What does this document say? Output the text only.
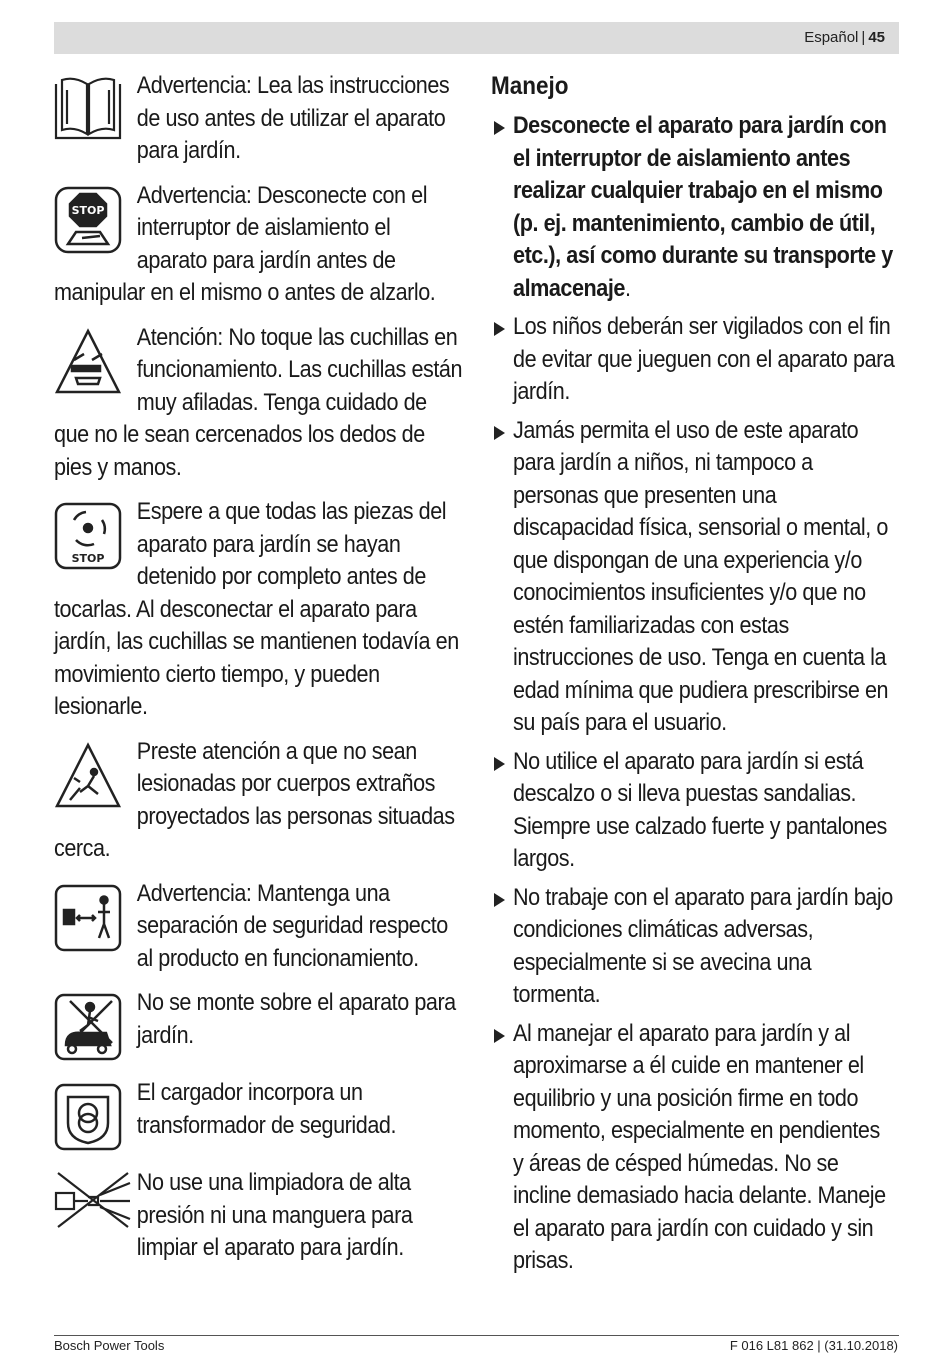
Español | 45
Advertencia: Lea las instrucciones de uso antes de utilizar el aparato para jardín.
STOP
Advertencia: Desconecte con el interruptor de aislamiento el aparato para jardín antes de manipular en el mismo o antes de alzarlo.
Atención: No toque las cuchillas en funcionamiento. Las cuchillas están muy afiladas. Tenga cuidado de que no le sean cercenados los dedos de pies y manos.
STOP
Espere a que todas las piezas del aparato para jardín se hayan detenido por completo antes de tocarlas. Al desconectar el aparato para jardín, las cuchillas se mantienen todavía en movimiento cierto tiempo, y pueden lesionarle.
Preste atención a que no sean lesionadas por cuerpos extraños proyectados las personas situadas cerca.
Advertencia: Mantenga una separación de seguridad respecto al producto en funcionamiento.
No se monte sobre el aparato para jardín.
El cargador incorpora un transformador de seguridad.
No use una limpiadora de alta presión ni una manguera para limpiar el aparato para jardín.
Manejo
Desconecte el aparato para jardín con el interruptor de aislamiento antes realizar cualquier trabajo en el mismo (p. ej. mantenimiento, cambio de útil, etc.), así como durante su transporte y almacenaje.
Los niños deberán ser vigilados con el fin de evitar que jueguen con el aparato para jardín.
Jamás permita el uso de este aparato para jardín a niños, ni tampoco a personas que presenten una discapacidad física, sensorial o mental, o que dispongan de una experiencia y/o conocimientos insuficientes y/o que no estén familiarizadas con estas instrucciones de uso. Tenga en cuenta la edad mínima que pudiera prescribirse en su país para el usuario.
No utilice el aparato para jardín si está descalzo o si lleva puestas sandalias. Siempre use calzado fuerte y pantalones largos.
No trabaje con el aparato para jardín bajo condiciones climáticas adversas, especialmente si se avecina una tormenta.
Al manejar el aparato para jardín y al aproximarse a él cuide en mantener el equilibrio y una posición firme en todo momento, especialmente en pendientes y áreas de césped húmedas. No se incline demasiado hacia delante. Maneje el aparato para jardín con cuidado y sin prisas.
Bosch Power Tools	F 016 L81 862 | (31.10.2018)
